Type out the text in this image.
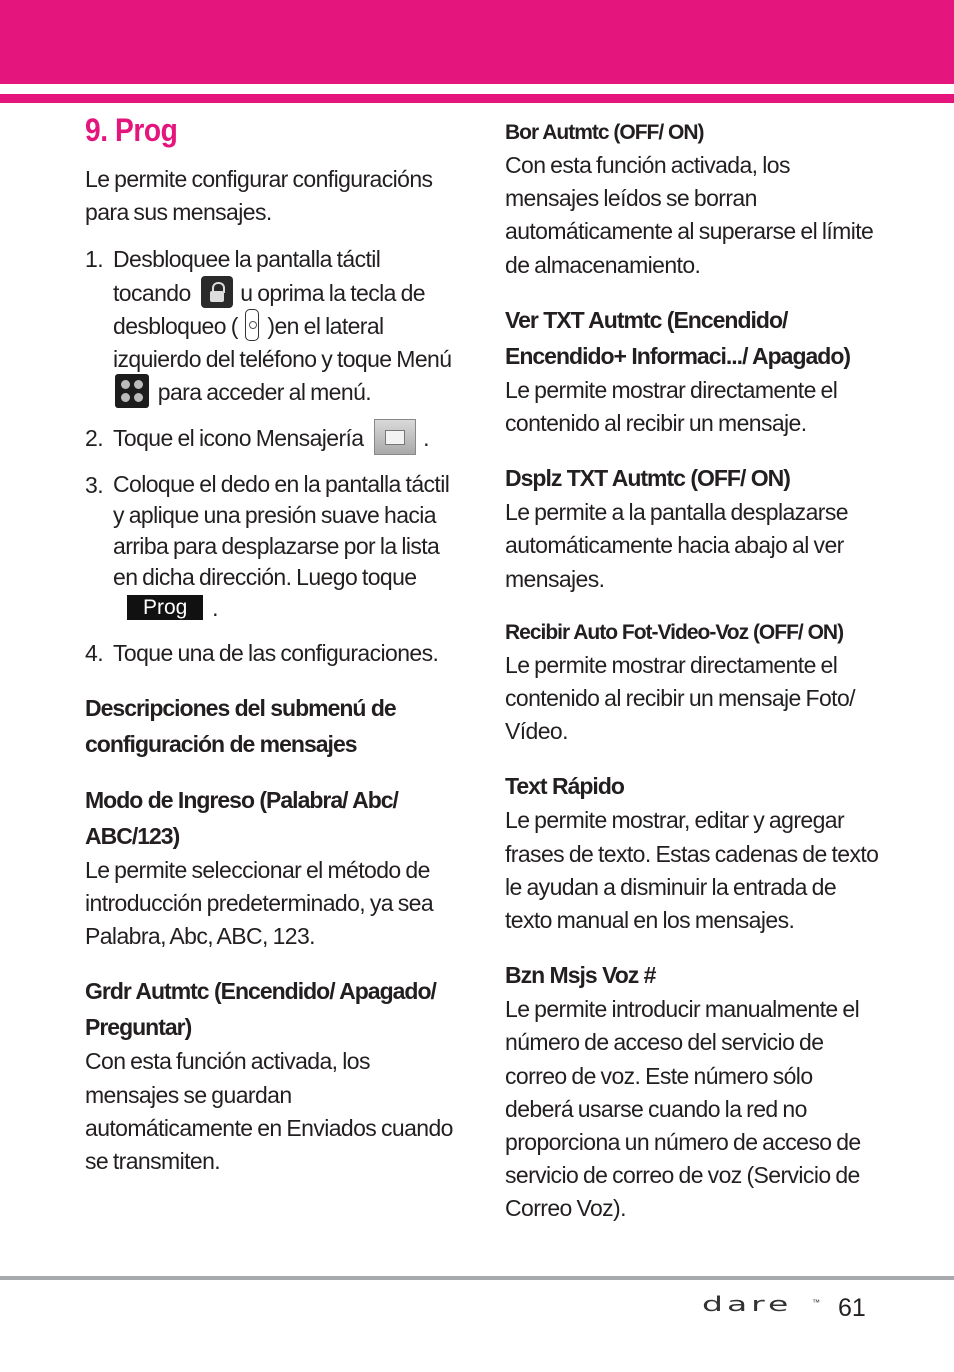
9. Prog

Le permite configurar configuracións para sus mensajes.

1. Desbloquee la pantalla táctil tocando u oprima la tecla de desbloqueo ( )en el lateral izquierdo del teléfono y toque Menú
para acceder al menú.
2. Toque el icono Mensajería	.
3. Coloque el dedo en la pantalla táctil y aplique una presión suave hacia arriba para desplazarse por la lista en dicha dirección. Luego toque Prog .
4. Toque una de las configuraciones.

Descripciones del submenú de configuración de mensajes

Modo de Ingreso (Palabra/ Abc/ ABC/123)

Le permite seleccionar el método de introducción predeterminado, ya sea Palabra, Abc, ABC, 123.

Grdr Autmtc (Encendido/ Apagado/ Preguntar)

Con esta función activada, los mensajes se guardan automáticamente en Enviados cuando se transmiten.

Bor Autmtc (OFF/ ON)

Con esta función activada, los mensajes leídos se borran automáticamente al superarse el límite de almacenamiento.

Ver TXT Autmtc (Encendido/ Encendido+ Informaci.../ Apagado)

Le permite mostrar directamente el contenido al recibir un mensaje.

Dsplz TXT Autmtc (OFF/ ON)

Le permite a la pantalla desplazarse automáticamente hacia abajo al ver mensajes.

Recibir Auto Fot-Video-Voz (OFF/ ON)

Le permite mostrar directamente el contenido al recibir un mensaje Foto/ Vídeo.

Text Rápido

Le permite mostrar, editar y agregar frases de texto. Estas cadenas de texto le ayudan a disminuir la entrada de texto manual en los mensajes.

Bzn Msjs Voz #

Le permite introducir manualmente el número de acceso del servicio de correo de voz. Este número sólo deberá usarse cuando la red no proporciona un número de acceso de servicio de correo de voz (Servicio de Correo Voz).

dare ™ 61
